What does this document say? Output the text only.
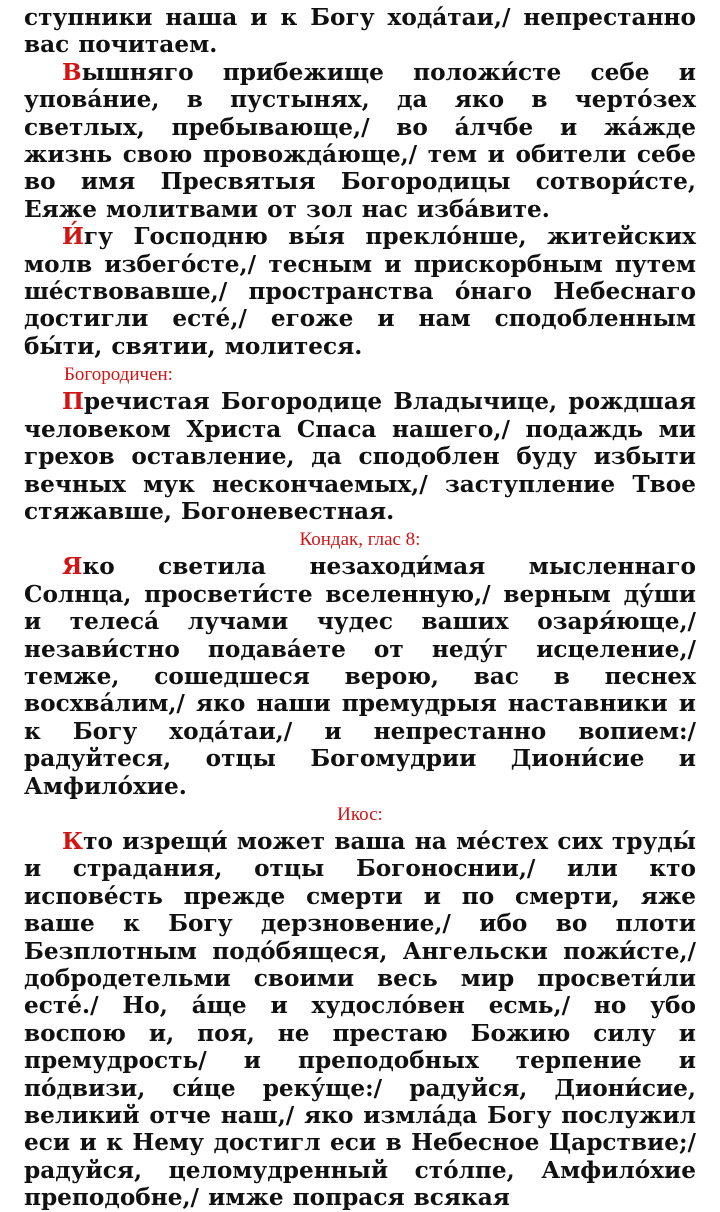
ступники наша и к Богу хода́таи,/ непрестанно вас почитаем.

Вышняго прибежище положи́сте себе и упова́ние, в пустынях, да яко в черто́зех светлых, пребывающе,/ во а́лчбе и жа́жде жизнь свою провожда́юще,/ тем и обители себе во имя Пресвятыя Богородицы сотвори́сте, Еяже молитвами от зол нас изба́вите.

И́гу Господню вы́я прекло́нше, житейских молв избего́сте,/ тесным и прискорбным путем ше́ствовавше,/ пространства о́наго Небеснаго достигли есте́,/ егоже и нам сподобленным бы́ти, святии, молитеся.

Богородичен:

Пречистая Богородице Владычице, рождшая человеком Христа Спаса нашего,/ подаждь ми грехов оставление, да сподоблен буду избыти вечных мук нескончаемых,/ заступление Твое стяжавше, Богоневестная.

Кондак, глас 8:

Яко светила незаходи́мая мысленнаго Солнца, просвети́сте вселенную,/ верным ду́ши и телеса́ лучами чудес ваших озаря́юще,/ незави́стно подава́ете от неду́г исцеление,/ темже, сошедшеся верою, вас в песнех восхва́лим,/ яко наши премудрыя наставники и к Богу хода́таи,/ и непрестанно вопием:/ радуйтеся, отцы Богомудрии Диони́сие и Амфило́хие.

Икос:

Кто изрещи́ может ваша на ме́стех сих труды́ и страдания, отцы Богоноснии,/ или кто испове́сть прежде смерти и по смерти, яже ваше к Богу дерзновение,/ ибо во плоти Безплотным подо́бящеся, Ангельски пожи́сте,/ добродетельми своими весь мир просвети́ли есте́./ Но, а́ще и худосло́вен есмь,/ но убо воспою и, поя, не престаю Божию силу и премудрость/ и преподобных терпение и по́двизи, си́це реку́ще:/ радуйся, Диони́сие, великий отче наш,/ яко измла́да Богу послужил еси и к Нему достигл еси в Небесное Царствие;/ радуйся, целомудренный сто́лпе, Амфило́хие преподобне,/ имже попрася всякая
